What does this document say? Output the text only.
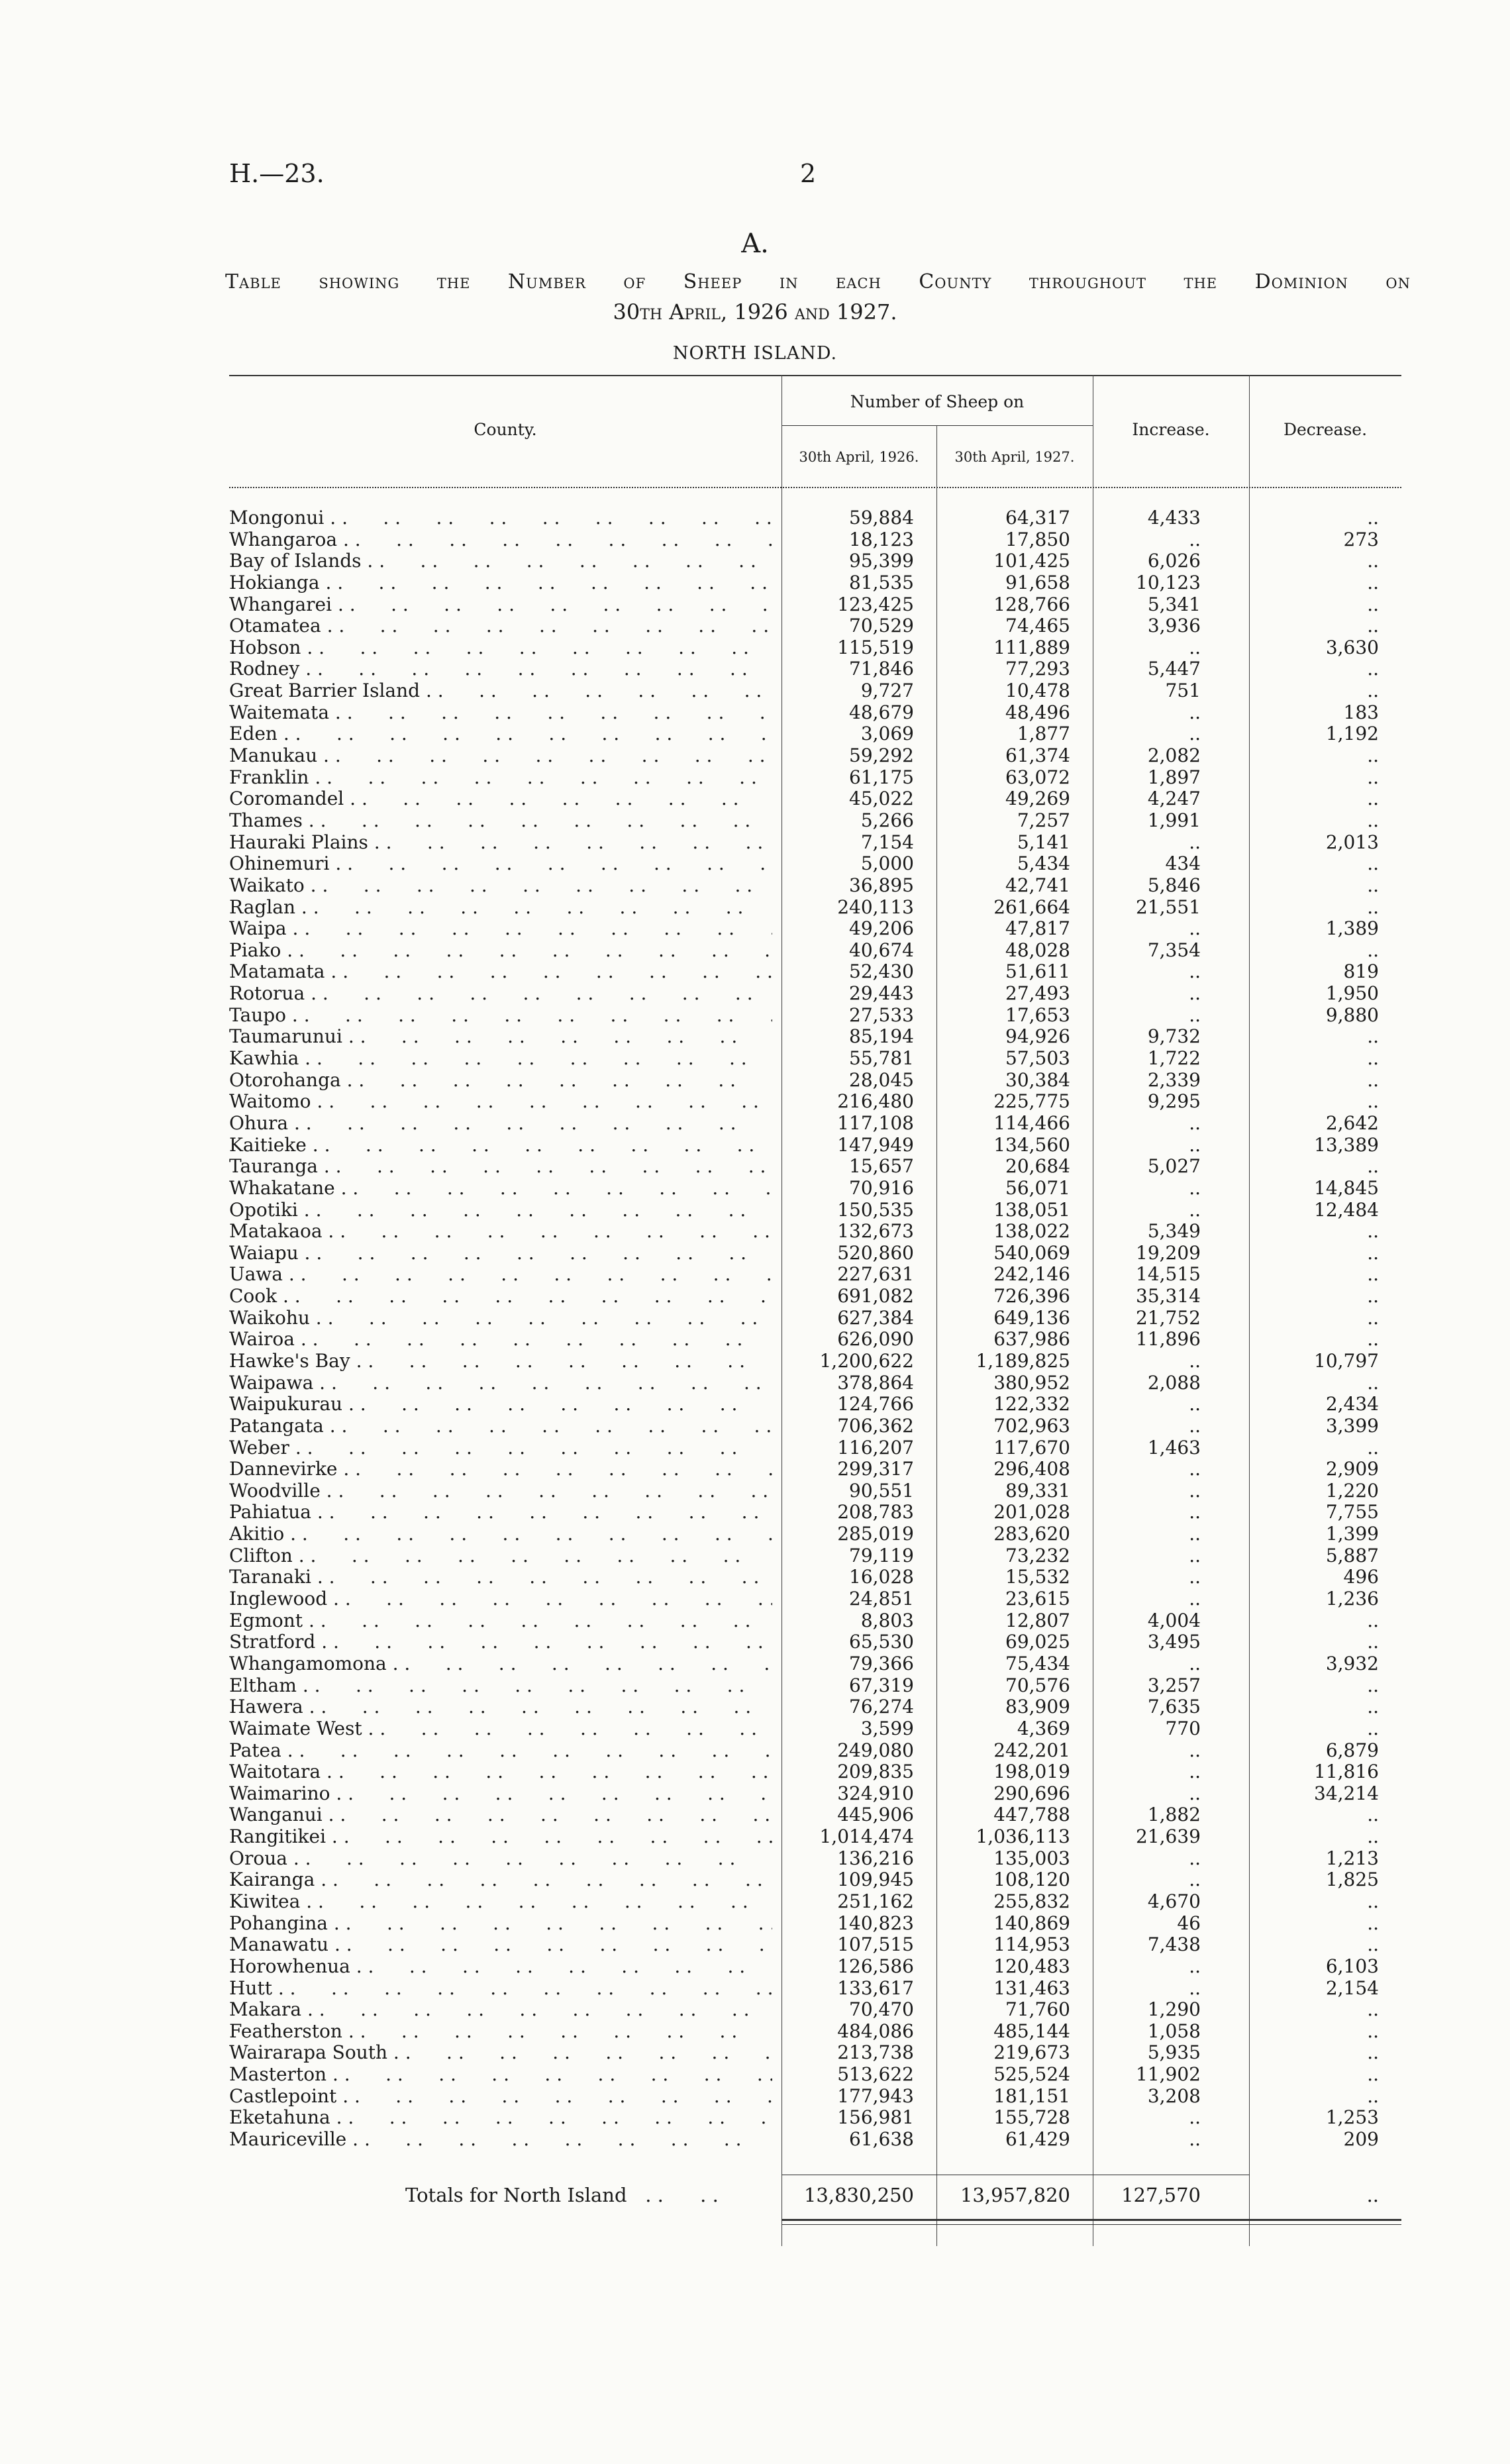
H.—23.	2
A.
Table showing the Number of Sheep in each County throughout the Dominion on
30th April, 1926 and 1927.
NORTH ISLAND.
County.
Number of Sheep on
30th April, 1926.	30th April, 1927.
Increase.	Decrease.
Mongonui . .	59,884	64,317	4,433	..
Whangaroa . .	18,123	17,850	..	273
Bay of Islands . .	95,399	101,425	6,026	..
Hokianga . .	81,535	91,658	10,123	..
Whangarei . .	123,425	128,766	5,341	..
Otamatea . .	70,529	74,465	3,936	..
Hobson . .	115,519	111,889	..	3,630
Rodney . .	71,846	77,293	5,447	..
Great Barrier Island . .	9,727	10,478	751	..
Waitemata . .	48,679	48,496	..	183
Eden . .	3,069	1,877	..	1,192
Manukau . .	59,292	61,374	2,082	..
Franklin . .	61,175	63,072	1,897	..
Coromandel . .	45,022	49,269	4,247	..
Thames . .	5,266	7,257	1,991	..
Hauraki Plains . .	7,154	5,141	..	2,013
Ohinemuri . .	5,000	5,434	434	..
Waikato . .	36,895	42,741	5,846	..
Raglan . .	240,113	261,664	21,551	..
Waipa . .	49,206	47,817	..	1,389
Piako . .	40,674	48,028	7,354	..
Matamata . .	52,430	51,611	..	819
Rotorua . .	29,443	27,493	..	1,950
Taupo . .	27,533	17,653	..	9,880
Taumarunui . .	85,194	94,926	9,732	..
Kawhia . .	55,781	57,503	1,722	..
Otorohanga . .	28,045	30,384	2,339	..
Waitomo . .	216,480	225,775	9,295	..
Ohura . .	117,108	114,466	..	2,642
Kaitieke . .	147,949	134,560	..	13,389
Tauranga . .	15,657	20,684	5,027	..
Whakatane . .	70,916	56,071	..	14,845
Opotiki . .	150,535	138,051	..	12,484
Matakaoa . .	132,673	138,022	5,349	..
Waiapu . .	520,860	540,069	19,209	..
Uawa . .	227,631	242,146	14,515	..
Cook . .	691,082	726,396	35,314	..
Waikohu . .	627,384	649,136	21,752	..
Wairoa . .	626,090	637,986	11,896	..
Hawke's Bay . .	1,200,622	1,189,825	..	10,797
Waipawa . .	378,864	380,952	2,088	..
Waipukurau . .	124,766	122,332	..	2,434
Patangata . .	706,362	702,963	..	3,399
Weber . .	116,207	117,670	1,463	..
Dannevirke . .	299,317	296,408	..	2,909
Woodville . .	90,551	89,331	..	1,220
Pahiatua . .	208,783	201,028	..	7,755
Akitio . .	285,019	283,620	..	1,399
Clifton . .	79,119	73,232	..	5,887
Taranaki . .	16,028	15,532	..	496
Inglewood . .	24,851	23,615	..	1,236
Egmont . .	8,803	12,807	4,004	..
Stratford . .	65,530	69,025	3,495	..
Whangamomona . .	79,366	75,434	..	3,932
Eltham . .	67,319	70,576	3,257	..
Hawera . .	76,274	83,909	7,635	..
Waimate West . .	3,599	4,369	770	..
Patea . .	249,080	242,201	..	6,879
Waitotara . .	209,835	198,019	..	11,816
Waimarino . .	324,910	290,696	..	34,214
Wanganui . .	445,906	447,788	1,882	..
Rangitikei . .	1,014,474	1,036,113	21,639	..
Oroua . .	136,216	135,003	..	1,213
Kairanga . .	109,945	108,120	..	1,825
Kiwitea . .	251,162	255,832	4,670	..
Pohangina . .	140,823	140,869	46	..
Manawatu . .	107,515	114,953	7,438	..
Horowhenua . .	126,586	120,483	..	6,103
Hutt . .	133,617	131,463	..	2,154
Makara . .	70,470	71,760	1,290	..
Featherston . .	484,086	485,144	1,058	..
Wairarapa South . .	213,738	219,673	5,935	..
Masterton . .	513,622	525,524	11,902	..
Castlepoint . .	177,943	181,151	3,208	..
Eketahuna . .	156,981	155,728	..	1,253
Mauriceville . .	61,638	61,429	..	209
Totals for North Island . .	13,830,250 13,957,820	127,570	..
